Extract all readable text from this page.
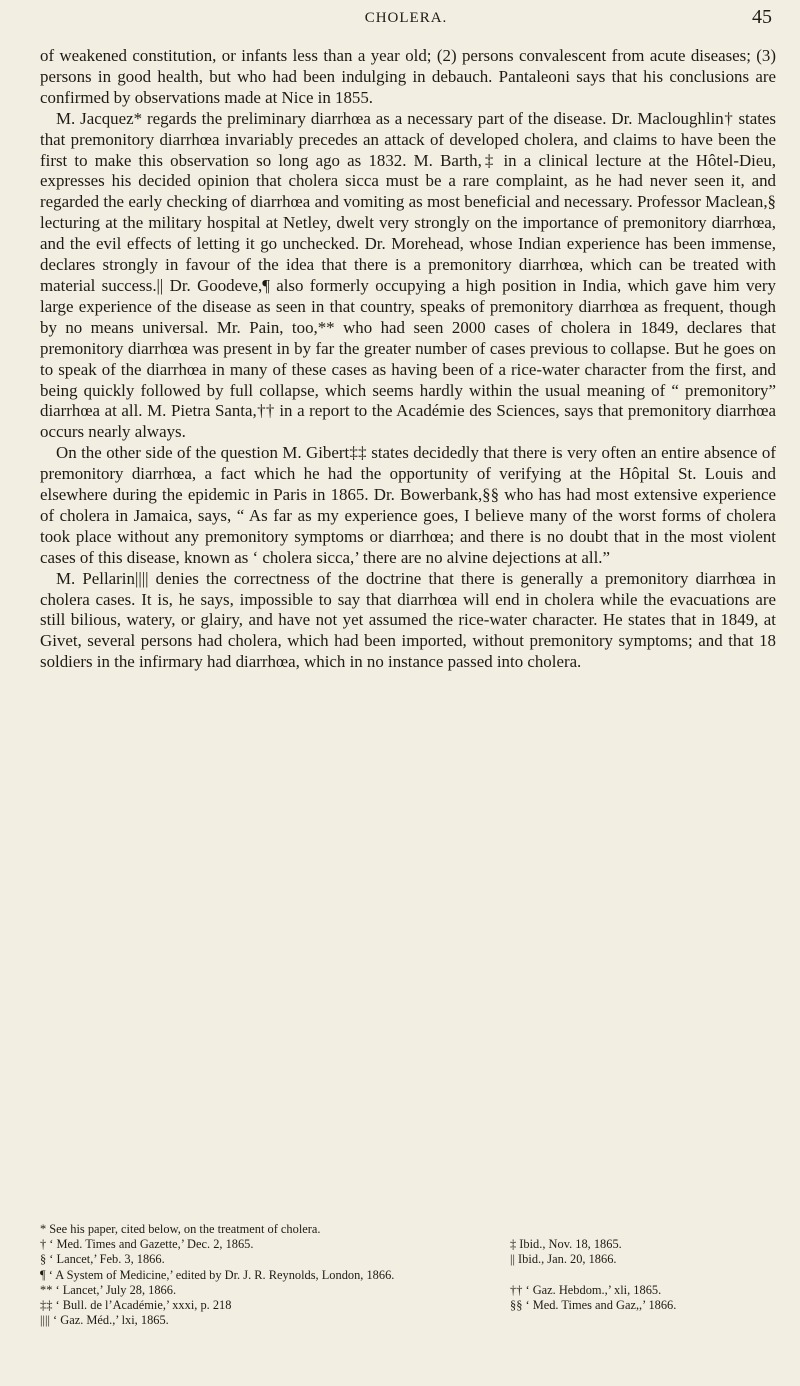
CHOLERA.	45

of weakened constitution, or infants less than a year old; (2) persons convalescent from acute diseases; (3) persons in good health, but who had been indulging in debauch. Pantaleoni says that his conclusions are confirmed by observations made at Nice in 1855.

M. Jacquez* regards the preliminary diarrhœa as a necessary part of the disease. Dr. Macloughlin† states that premonitory diarrhœa invariably precedes an attack of developed cholera, and claims to have been the first to make this observation so long ago as 1832. M. Barth,‡ in a clinical lecture at the Hôtel-Dieu, expresses his decided opinion that cholera sicca must be a rare complaint, as he had never seen it, and regarded the early checking of diarrhœa and vomiting as most beneficial and necessary. Professor Maclean,§ lecturing at the military hospital at Netley, dwelt very strongly on the importance of premonitory diarrhœa, and the evil effects of letting it go unchecked. Dr. Morehead, whose Indian experience has been immense, declares strongly in favour of the idea that there is a premonitory diarrhœa, which can be treated with material success.|| Dr. Goodeve,¶ also formerly occupying a high position in India, which gave him very large experience of the disease as seen in that country, speaks of premonitory diarrhœa as frequent, though by no means universal. Mr. Pain, too,** who had seen 2000 cases of cholera in 1849, declares that premonitory diarrhœa was present in by far the greater number of cases previous to collapse. But he goes on to speak of the diarrhœa in many of these cases as having been of a rice-water character from the first, and being quickly followed by full collapse, which seems hardly within the usual meaning of “ premonitory” diarrhœa at all. M. Pietra Santa,†† in a report to the Académie des Sciences, says that premonitory diarrhœa occurs nearly always.

On the other side of the question M. Gibert‡‡ states decidedly that there is very often an entire absence of premonitory diarrhœa, a fact which he had the opportunity of verifying at the Hôpital St. Louis and elsewhere during the epidemic in Paris in 1865. Dr. Bowerbank,§§ who has had most extensive experience of cholera in Jamaica, says, “ As far as my experience goes, I believe many of the worst forms of cholera took place without any premonitory symptoms or diarrhœa; and there is no doubt that in the most violent cases of this disease, known as ‘ cholera sicca,’ there are no alvine dejections at all.”

M. Pellarin|||| denies the correctness of the doctrine that there is generally a premonitory diarrhœa in cholera cases. It is, he says, impossible to say that diarrhœa will end in cholera while the evacuations are still bilious, watery, or glairy, and have not yet assumed the rice-water character. He states that in 1849, at Givet, several persons had cholera, which had been imported, without premonitory symptoms; and that 18 soldiers in the infirmary had diarrhœa, which in no instance passed into cholera.

* See his paper, cited below, on the treatment of cholera.
† ‘ Med. Times and Gazette,’ Dec. 2, 1865.	‡ Ibid., Nov. 18, 1865.
§ ‘ Lancet,’ Feb. 3, 1866.	|| Ibid., Jan. 20, 1866.
¶ ‘ A System of Medicine,’ edited by Dr. J. R. Reynolds, London, 1866.
** ‘ Lancet,’ July 28, 1866.	†† ‘ Gaz. Hebdom.,’ xli, 1865.
‡‡ ‘ Bull. de l’Académie,’ xxxi, p. 218	§§ ‘ Med. Times and Gaz,,’ 1866.
|||| ‘ Gaz. Méd.,’ lxi, 1865.
